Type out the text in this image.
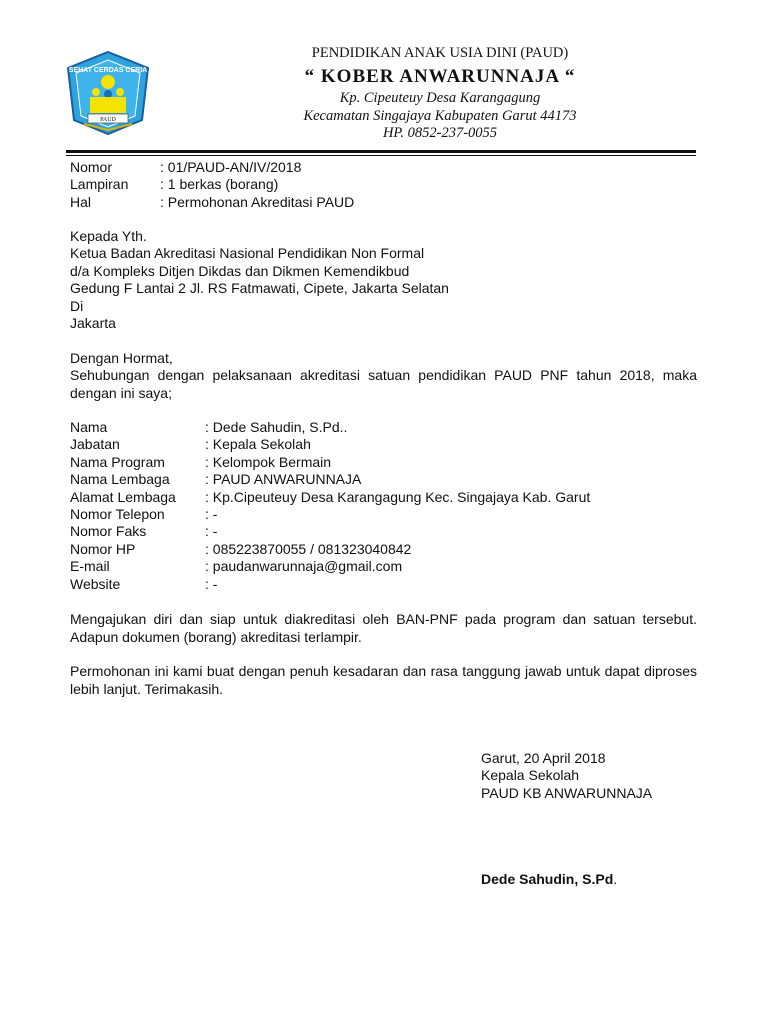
SEHAT CERDAS CERIA
PAUD
PENDIDIKAN ANAK USIA DINI (PAUD)
“ KOBER ANWARUNNAJA “
Kp. Cipeuteuy Desa Karangagung
Kecamatan Singajaya Kabupaten Garut 44173
HP. 0852-237-0055
Nomor	: 01/PAUD-AN/IV/2018
Lampiran	: 1 berkas (borang)
Hal	: Permohonan Akreditasi PAUD
Kepada Yth.
Ketua Badan Akreditasi Nasional Pendidikan Non Formal
d/a Kompleks Ditjen Dikdas dan Dikmen Kemendikbud
Gedung F Lantai 2 Jl. RS Fatmawati, Cipete, Jakarta Selatan
Di
Jakarta
Dengan Hormat,
Sehubungan dengan pelaksanaan akreditasi satuan pendidikan PAUD PNF tahun 2018, maka dengan ini saya;
Nama	: Dede Sahudin, S.Pd..
Jabatan	: Kepala Sekolah
Nama Program	: Kelompok Bermain
Nama Lembaga	: PAUD ANWARUNNAJA
Alamat Lembaga	: Kp.Cipeuteuy Desa Karangagung Kec. Singajaya Kab. Garut
Nomor Telepon	: -
Nomor Faks	: -
Nomor HP	: 085223870055 / 081323040842
E-mail	: paudanwarunnaja@gmail.com
Website	: -
Mengajukan diri dan siap untuk diakreditasi oleh BAN-PNF pada program dan satuan tersebut. Adapun dokumen (borang) akreditasi terlampir.
Permohonan ini kami buat dengan penuh kesadaran dan rasa tanggung jawab untuk dapat diproses lebih lanjut. Terimakasih.
Garut, 20 April 2018
Kepala Sekolah
PAUD KB ANWARUNNAJA
Dede Sahudin, S.Pd.
